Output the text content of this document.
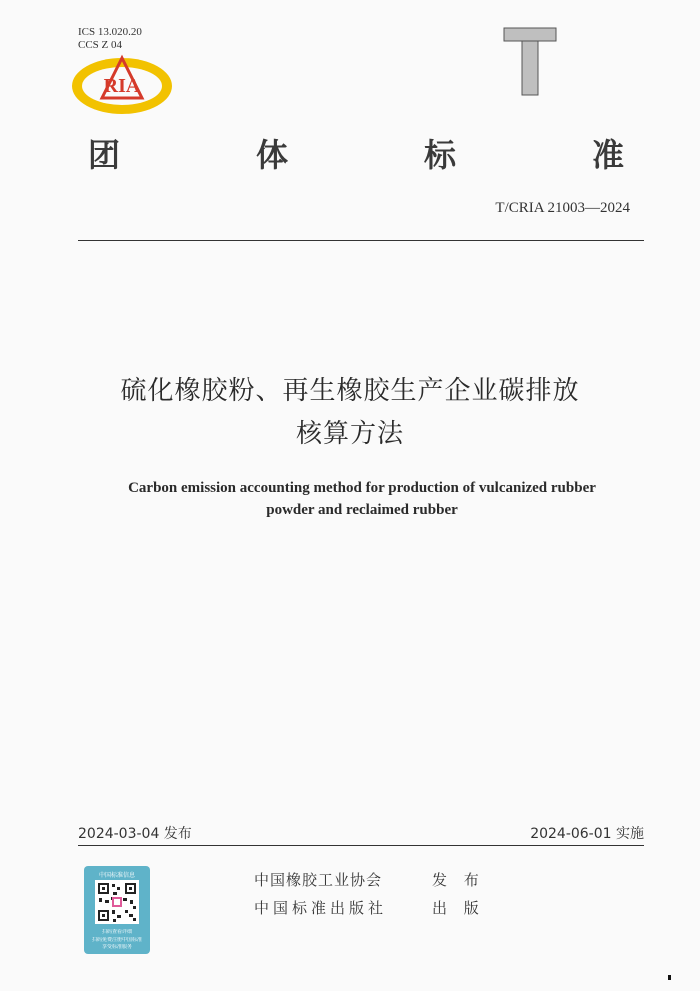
ICS 13.020.20
CCS Z 04
RIA	T
团	体	标	准
T/CRIA 21003—2024
硫化橡胶粉、再生橡胶生产企业碳排放
核算方法
Carbon emission accounting method for production of vulcanized rubber
powder and reclaimed rubber
2024-03-04 发布	2024-06-01 实施
中国标准信息
扫码查看详细
扫码免费注册中国标准
享受标准服务
中国橡胶工业协会	发 布
中国标准出版社	出 版
